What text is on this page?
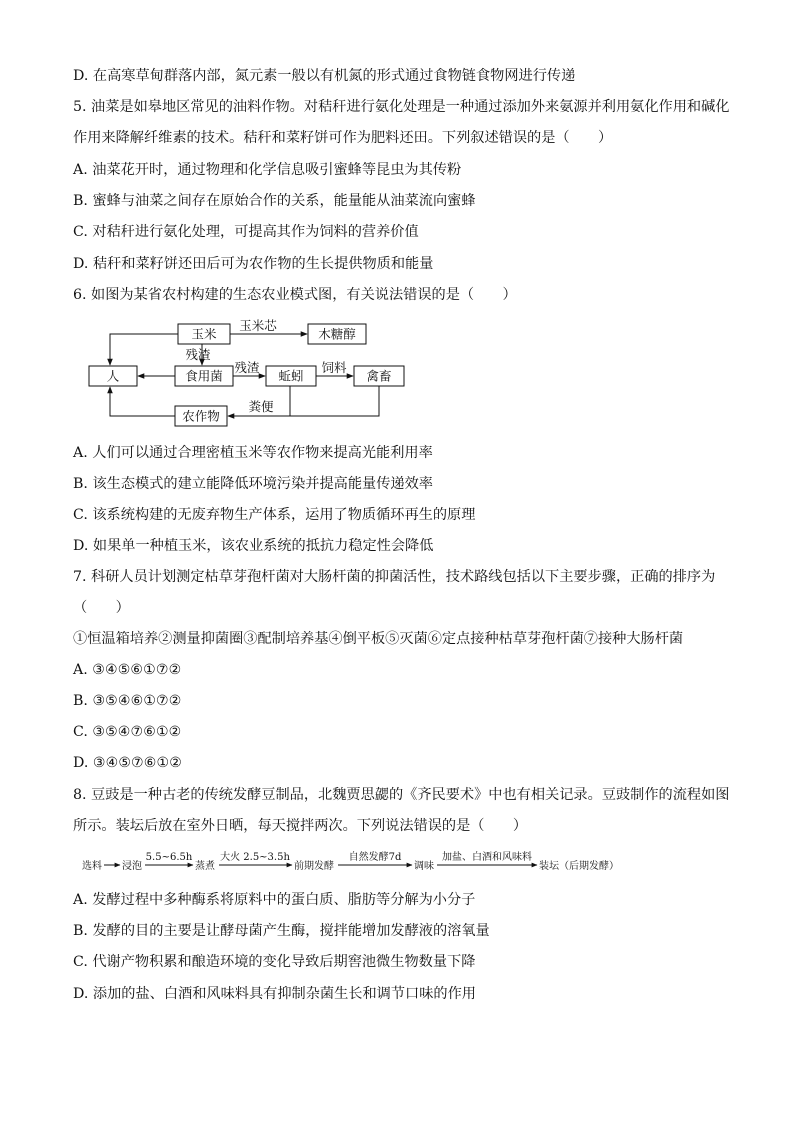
D. 在高寒草甸群落内部，氮元素一般以有机氮的形式通过食物链食物网进行传递
5. 油菜是如皋地区常见的油料作物。对秸秆进行氨化处理是一种通过添加外来氨源并利用氨化作用和碱化
作用来降解纤维素的技术。秸秆和菜籽饼可作为肥料还田。下列叙述错误的是（　　）
A. 油菜花开时，通过物理和化学信息吸引蜜蜂等昆虫为其传粉
B. 蜜蜂与油菜之间存在原始合作的关系，能量能从油菜流向蜜蜂
C. 对秸秆进行氨化处理，可提高其作为饲料的营养价值
D. 秸秆和菜籽饼还田后可为农作物的生长提供物质和能量
6. 如图为某省农村构建的生态农业模式图，有关说法错误的是（　　）
玉米	木糖醇
人	食用菌	蚯蚓	禽畜
农作物
玉米芯
残渣
残渣	饲料
粪便
A. 人们可以通过合理密植玉米等农作物来提高光能利用率
B. 该生态模式的建立能降低环境污染并提高能量传递效率
C. 该系统构建的无废弃物生产体系，运用了物质循环再生的原理
D. 如果单一种植玉米，该农业系统的抵抗力稳定性会降低
7. 科研人员计划测定枯草芽孢杆菌对大肠杆菌的抑菌活性，技术路线包括以下主要步骤，正确的排序为
（　　）
①恒温箱培养②测量抑菌圈③配制培养基④倒平板⑤灭菌⑥定点接种枯草芽孢杆菌⑦接种大肠杆菌
A. ③④⑤⑥①⑦②
B. ③⑤④⑥①⑦②
C. ③⑤④⑦⑥①②
D. ③④⑤⑦⑥①②
8. 豆豉是一种古老的传统发酵豆制品，北魏贾思勰的《齐民要术》中也有相关记录。豆豉制作的流程如图
所示。装坛后放在室外日晒，每天搅拌两次。下列说法错误的是（　　）
选料 浸泡
5.5~6.5h
蒸煮
大火 2.5~3.5h
前期发酵
自然发酵7d
调味
加盐、白酒和风味料
装坛（后期发酵）
A. 发酵过程中多种酶系将原料中的蛋白质、脂肪等分解为小分子
B. 发酵的目的主要是让酵母菌产生酶，搅拌能增加发酵液的溶氧量
C. 代谢产物积累和酿造环境的变化导致后期窖池微生物数量下降
D. 添加的盐、白酒和风味料具有抑制杂菌生长和调节口味的作用
